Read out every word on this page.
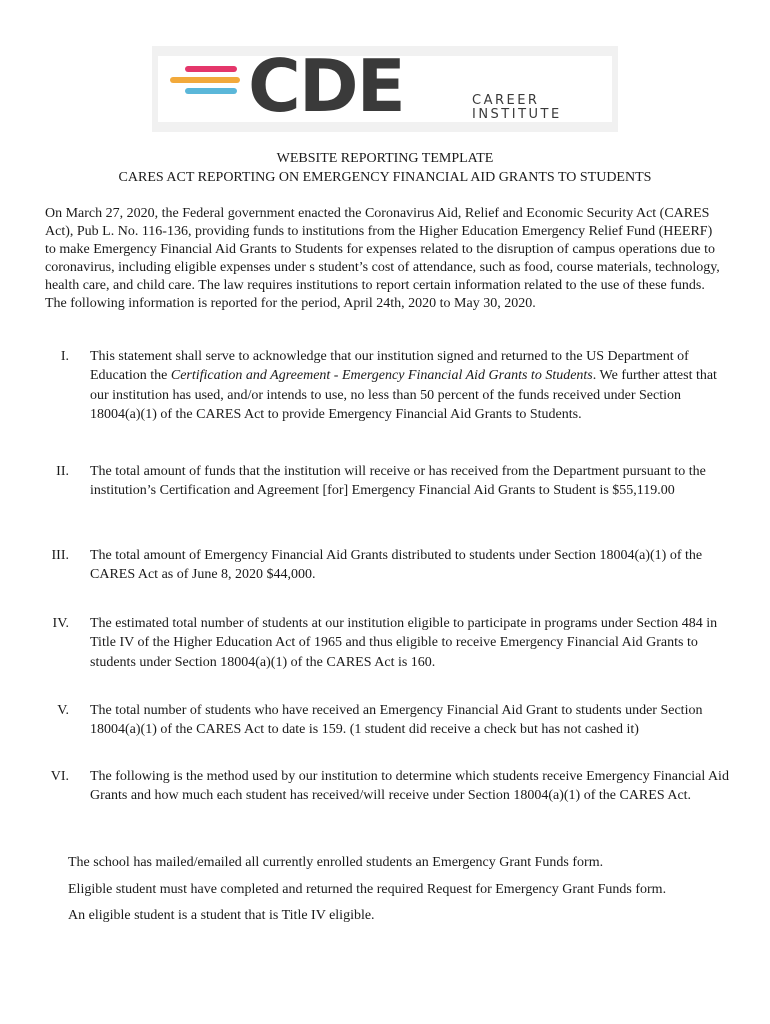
CDE	CAREER
INSTITUTE
WEBSITE REPORTING TEMPLATE
CARES ACT REPORTING ON EMERGENCY FINANCIAL AID GRANTS TO STUDENTS

On March 27, 2020, the Federal government enacted the Coronavirus Aid, Relief and Economic Security Act (CARES Act), Pub L. No. 116-136, providing funds to institutions from the Higher Education Emergency Relief Fund (HEERF) to make Emergency Financial Aid Grants to Students for expenses related to the disruption of campus operations due to coronavirus, including eligible expenses under s student’s cost of attendance, such as food, course materials, technology, health care, and child care. The law requires institutions to report certain information related to the use of these funds. The following information is reported for the period, April 24th, 2020 to May 30, 2020.

I. This statement shall serve to acknowledge that our institution signed and returned to the US Department of Education the Certification and Agreement - Emergency Financial Aid Grants to Students. We further attest that our institution has used, and/or intends to use, no less than 50 percent of the funds received under Section 18004(a)(1) of the CARES Act to provide Emergency Financial Aid Grants to Students.
II. The total amount of funds that the institution will receive or has received from the Department pursuant to the institution’s Certification and Agreement [for] Emergency Financial Aid Grants to Student is $55,119.00
III. The total amount of Emergency Financial Aid Grants distributed to students under Section 18004(a)(1) of the CARES Act as of June 8, 2020 $44,000.
IV. The estimated total number of students at our institution eligible to participate in programs under Section 484 in Title IV of the Higher Education Act of 1965 and thus eligible to receive Emergency Financial Aid Grants to students under Section 18004(a)(1) of the CARES Act is 160.
V. The total number of students who have received an Emergency Financial Aid Grant to students under Section 18004(a)(1) of the CARES Act to date is 159. (1 student did receive a check but has not cashed it)
VI. The following is the method used by our institution to determine which students receive Emergency Financial Aid Grants and how much each student has received/will receive under Section 18004(a)(1) of the CARES Act.
The school has mailed/emailed all currently enrolled students an Emergency Grant Funds form.
Eligible student must have completed and returned the required Request for Emergency Grant Funds form.
An eligible student is a student that is Title IV eligible.
